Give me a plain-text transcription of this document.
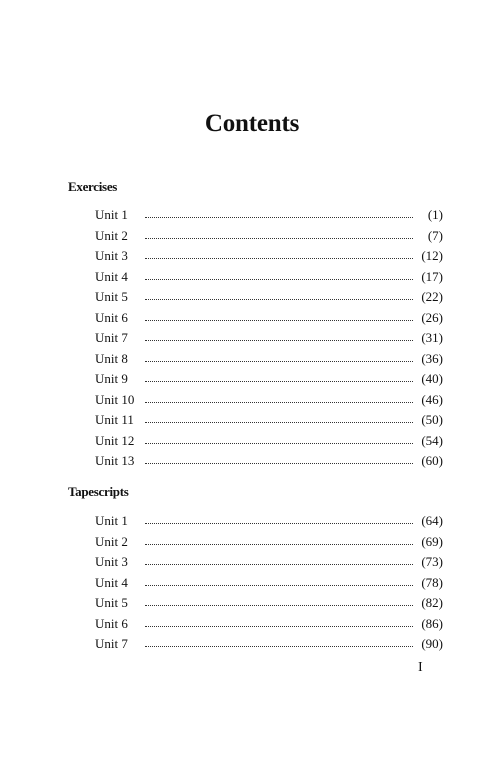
Contents
Exercises
Unit 1	(1)
Unit 2	(7)
Unit 3	(12)
Unit 4	(17)
Unit 5	(22)
Unit 6	(26)
Unit 7	(31)
Unit 8	(36)
Unit 9	(40)
Unit 10	(46)
Unit 11	(50)
Unit 12	(54)
Unit 13	(60)
Tapescripts
Unit 1	(64)
Unit 2	(69)
Unit 3	(73)
Unit 4	(78)
Unit 5	(82)
Unit 6	(86)
Unit 7	(90)
I
